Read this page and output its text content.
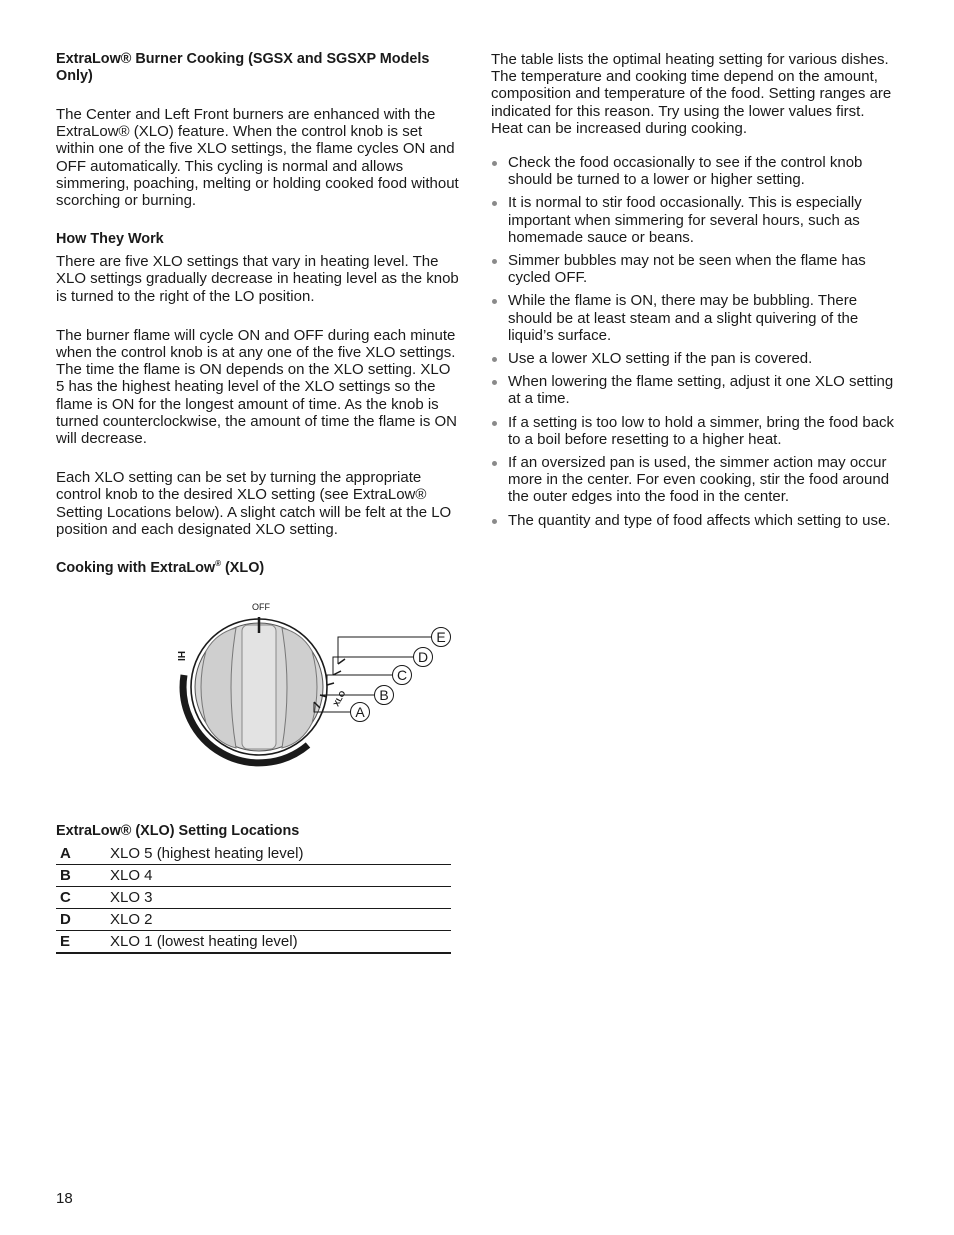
ExtraLow® Burner Cooking (SGSX and SGSXP Models Only)

The Center and Left Front burners are enhanced with the ExtraLow® (XLO) feature. When the control knob is set within one of the five XLO settings, the flame cycles ON and OFF automatically. This cycling is normal and allows simmering, poaching, melting or holding cooked food without scorching or burning.

How They Work

There are five XLO settings that vary in heating level. The XLO settings gradually decrease in heating level as the knob is turned to the right of the LO position.

The burner flame will cycle ON and OFF during each minute when the control knob is at any one of the five XLO settings. The time the flame is ON depends on the XLO setting. XLO 5 has the highest heating level of the XLO settings so the flame is ON for the longest amount of time. As the knob is turned counterclockwise, the amount of time the flame is ON will decrease.

Each XLO setting can be set by turning the appropriate control knob to the desired XLO setting (see ExtraLow® Setting Locations below). A slight catch will be felt at the LO position and each designated XLO setting.

Cooking with ExtraLow® (XLO)
OFF
HI
XLO
E
D
C
B
A
ExtraLow® (XLO) Setting Locations
A	XLO 5 (highest heating level)
B	XLO 4
C	XLO 3
D	XLO 2
E	XLO 1 (lowest heating level)

The table lists the optimal heating setting for various dishes. The temperature and cooking time depend on the amount, composition and temperature of the food. Setting ranges are indicated for this reason. Try using the lower values first. Heat can be increased during cooking.

Check the food occasionally to see if the control knob should be turned to a lower or higher setting.
It is normal to stir food occasionally. This is especially important when simmering for several hours, such as homemade sauce or beans.
Simmer bubbles may not be seen when the flame has cycled OFF.
While the flame is ON, there may be bubbling. There should be at least steam and a slight quivering of the liquid’s surface.
Use a lower XLO setting if the pan is covered.
When lowering the flame setting, adjust it one XLO setting at a time.
If a setting is too low to hold a simmer, bring the food back to a boil before resetting to a higher heat.
If an oversized pan is used, the simmer action may occur more in the center. For even cooking, stir the food around the outer edges into the food in the center.
The quantity and type of food affects which setting to use.
18
